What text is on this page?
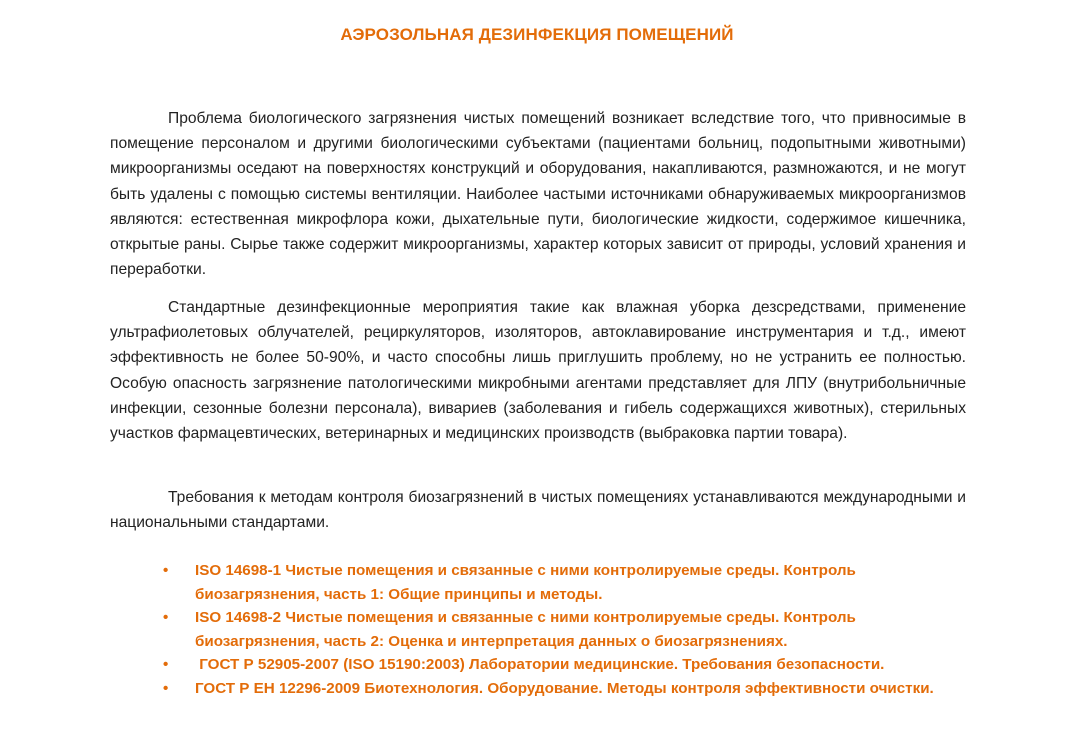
АЭРОЗОЛЬНАЯ ДЕЗИНФЕКЦИЯ ПОМЕЩЕНИЙ

Проблема биологического загрязнения чистых помещений возникает вследствие того, что привносимые в помещение персоналом и другими биологическими субъектами (пациентами больниц, подопытными животными) микроорганизмы оседают на поверхностях конструкций и оборудования, накапливаются, размножаются, и не могут быть удалены с помощью системы вентиляции. Наиболее частыми источниками обнаруживаемых микроорганизмов являются: естественная микрофлора кожи, дыхательные пути, биологические жидкости, содержимое кишечника, открытые раны. Сырье также содержит микроорганизмы, характер которых зависит от природы, условий хранения и переработки.

Стандартные дезинфекционные мероприятия такие как влажная уборка дезсредствами, применение ультрафиолетовых облучателей, рециркуляторов, изоляторов, автоклавирование инструментария и т.д., имеют эффективность не более 50-90%, и часто способны лишь приглушить проблему, но не устранить ее полностью. Особую опасность загрязнение патологическими микробными агентами представляет для ЛПУ (внутрибольничные инфекции, сезонные болезни персонала), вивариев (заболевания и гибель содержащихся животных), стерильных участков фармацевтических, ветеринарных и медицинских производств (выбраковка партии товара).

Требования к методам контроля биозагрязнений в чистых помещениях устанавливаются международными и национальными стандартами.

• ISO 14698-1 Чистые помещения и связанные с ними контролируемые среды. Контроль биозагрязнения, часть 1: Общие принципы и методы.
• ISO 14698-2 Чистые помещения и связанные с ними контролируемые среды. Контроль биозагрязнения, часть 2: Оценка и интерпретация данных о биозагрязнениях.
• ГОСТ Р 52905-2007 (ISO 15190:2003) Лаборатории медицинские. Требования безопасности.
• ГОСТ Р ЕН 12296-2009 Биотехнология. Оборудование. Методы контроля эффективности очистки.
